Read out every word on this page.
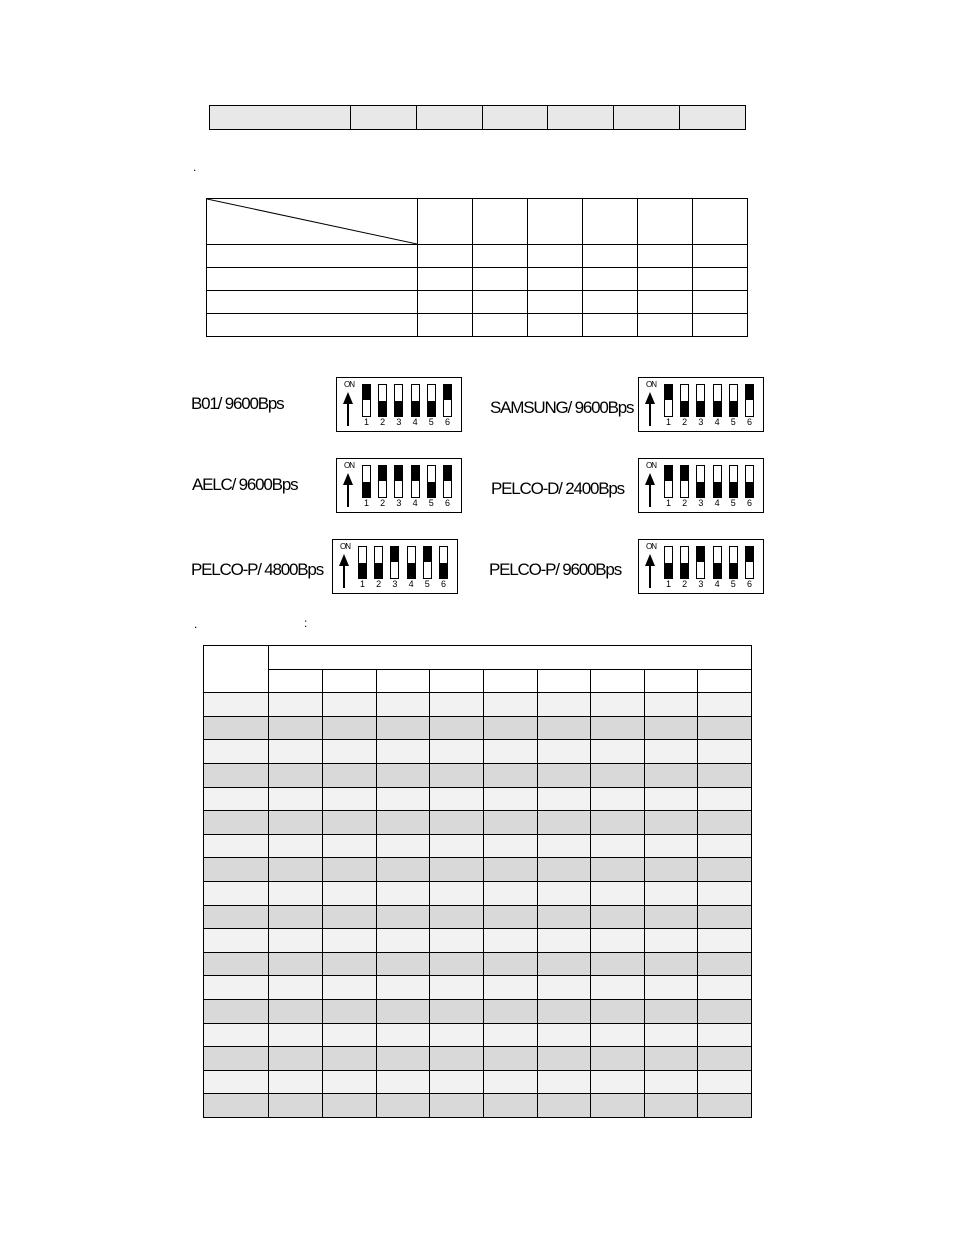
.

B01/ 9600Bps
ON
1 2 3 4 5 6
SAMSUNG/ 9600Bps
ON
1 2 3 4 5 6
AELC/ 9600Bps
ON
1 2 3 4 5 6
PELCO-D/ 2400Bps
ON
1 2 3 4 5 6
PELCO-P/ 4800Bps
ON
1 2 3 4 5 6
PELCO-P/ 9600Bps
ON
1 2 3 4 5 6
.	:
